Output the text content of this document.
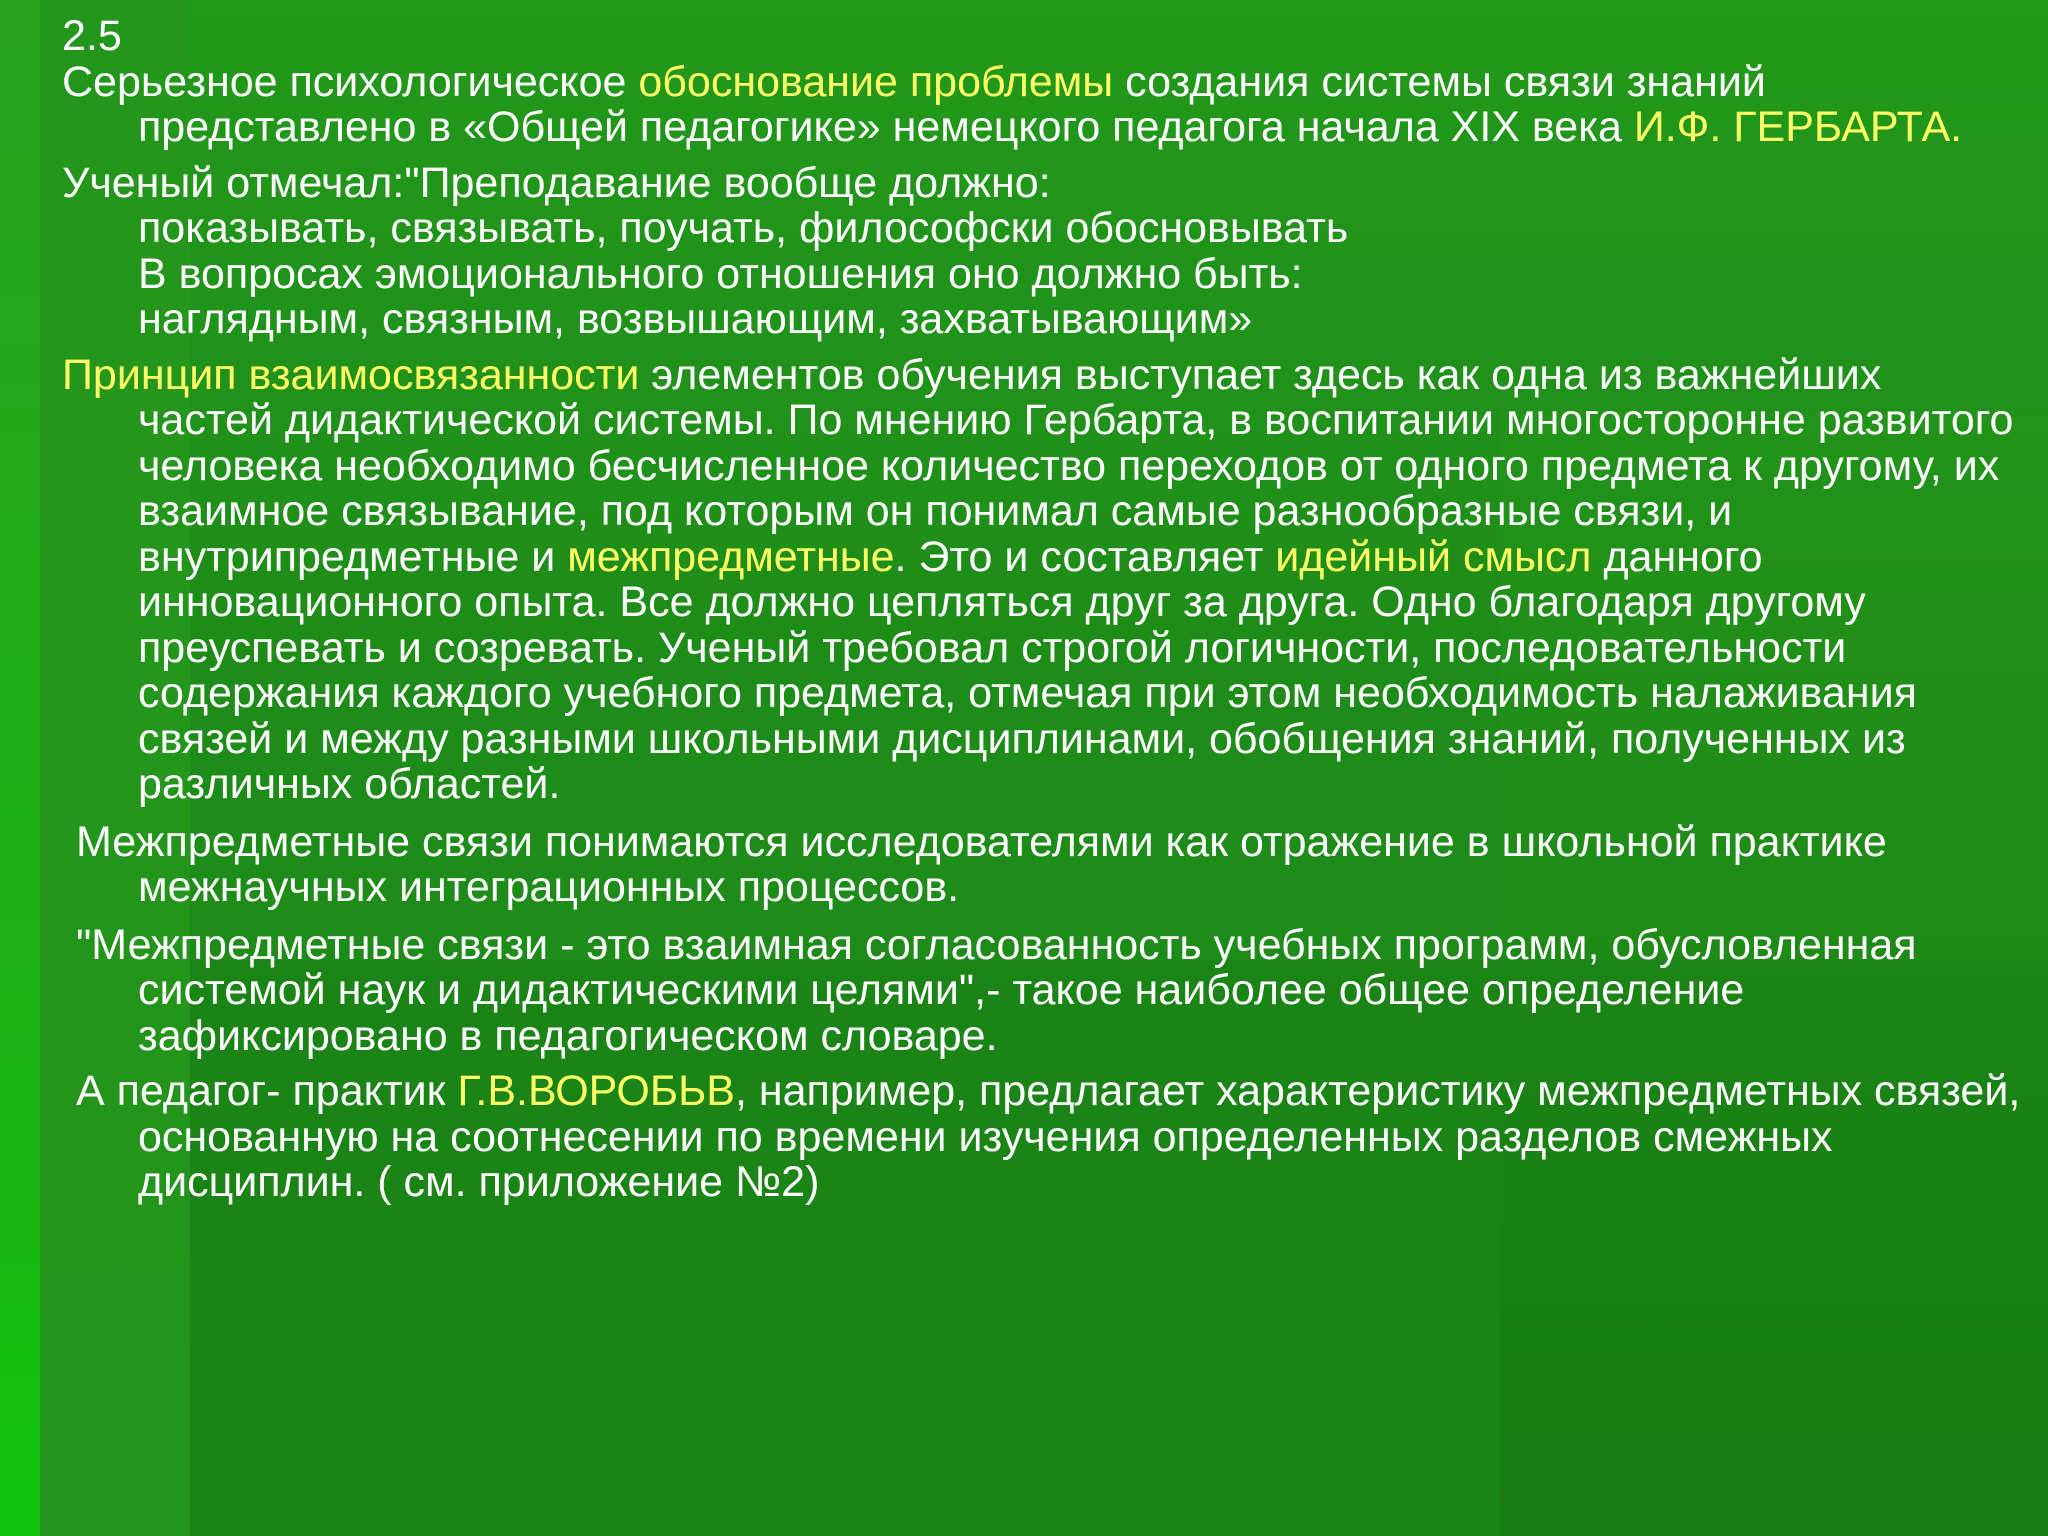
2.5

Серьезное психологическое обоснование проблемы создания системы связи знаний представлено в «Общей педагогике» немецкого педагога начала XIX века И.Ф. ГЕРБАРТА.

Ученый отмечал:"Преподавание вообще должно:
показывать, связывать, поучать, философски обосновывать
В вопросах эмоционального отношения оно должно быть:
наглядным, связным, возвышающим, захватывающим»

Принцип взаимосвязанности элементов обучения выступает здесь как одна из важнейших частей дидактической системы. По мнению Гербарта, в воспитании многосторонне развитого человека необходимо бесчисленное количество переходов от одного предмета к другому, их взаимное связывание, под которым он понимал самые разнообразные связи, и внутрипредметные и межпредметные. Это и составляет идейный смысл данного инновационного опыта. Все должно цепляться друг за друга. Одно благодаря другому преуспевать и созревать. Ученый требовал строгой логичности, последовательности содержания каждого учебного предмета, отмечая при этом необходимость налаживания связей и между разными школьными дисциплинами, обобщения знаний, полученных из различных областей.

Межпредметные связи понимаются исследователями как отражение в школьной практике межнаучных интеграционных процессов.

"Межпредметные связи - это взаимная согласованность учебных программ, обусловленная системой наук и дидактическими целями",- такое наиболее общее определение зафиксировано в педагогическом словаре.

А педагог- практик Г.В.ВОРОБЬВ, например, предлагает характеристику межпредметных связей, основанную на соотнесении по времени изучения определенных разделов смежных дисциплин. ( см. приложение №2)
